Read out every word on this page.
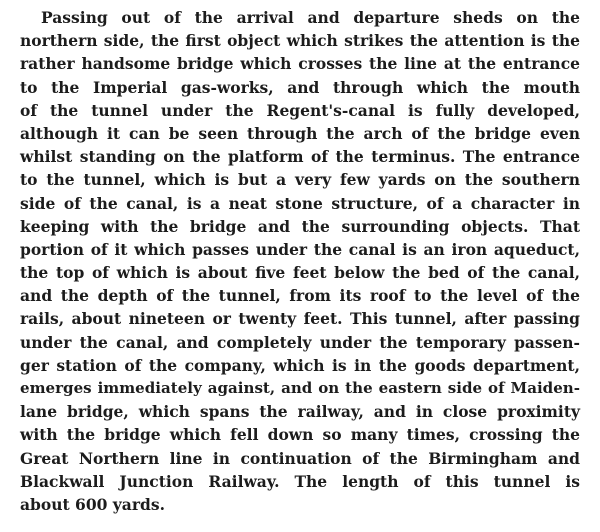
Passing out of the arrival and departure sheds on the
northern side, the first object which strikes the attention is the
rather handsome bridge which crosses the line at the entrance
to the Imperial gas-works, and through which the mouth
of the tunnel under the Regent's-canal is fully developed,
although it can be seen through the arch of the bridge even
whilst standing on the platform of the terminus. The entrance
to the tunnel, which is but a very few yards on the southern
side of the canal, is a neat stone structure, of a character in
keeping with the bridge and the surrounding objects. That
portion of it which passes under the canal is an iron aqueduct,
the top of which is about five feet below the bed of the canal,
and the depth of the tunnel, from its roof to the level of the
rails, about nineteen or twenty feet. This tunnel, after passing
under the canal, and completely under the temporary passen-
ger station of the company, which is in the goods department,
emerges immediately against, and on the eastern side of Maiden-
lane bridge, which spans the railway, and in close proximity
with the bridge which fell down so many times, crossing the
Great Northern line in continuation of the Birmingham and
Blackwall Junction Railway. The length of this tunnel is
about 600 yards.
